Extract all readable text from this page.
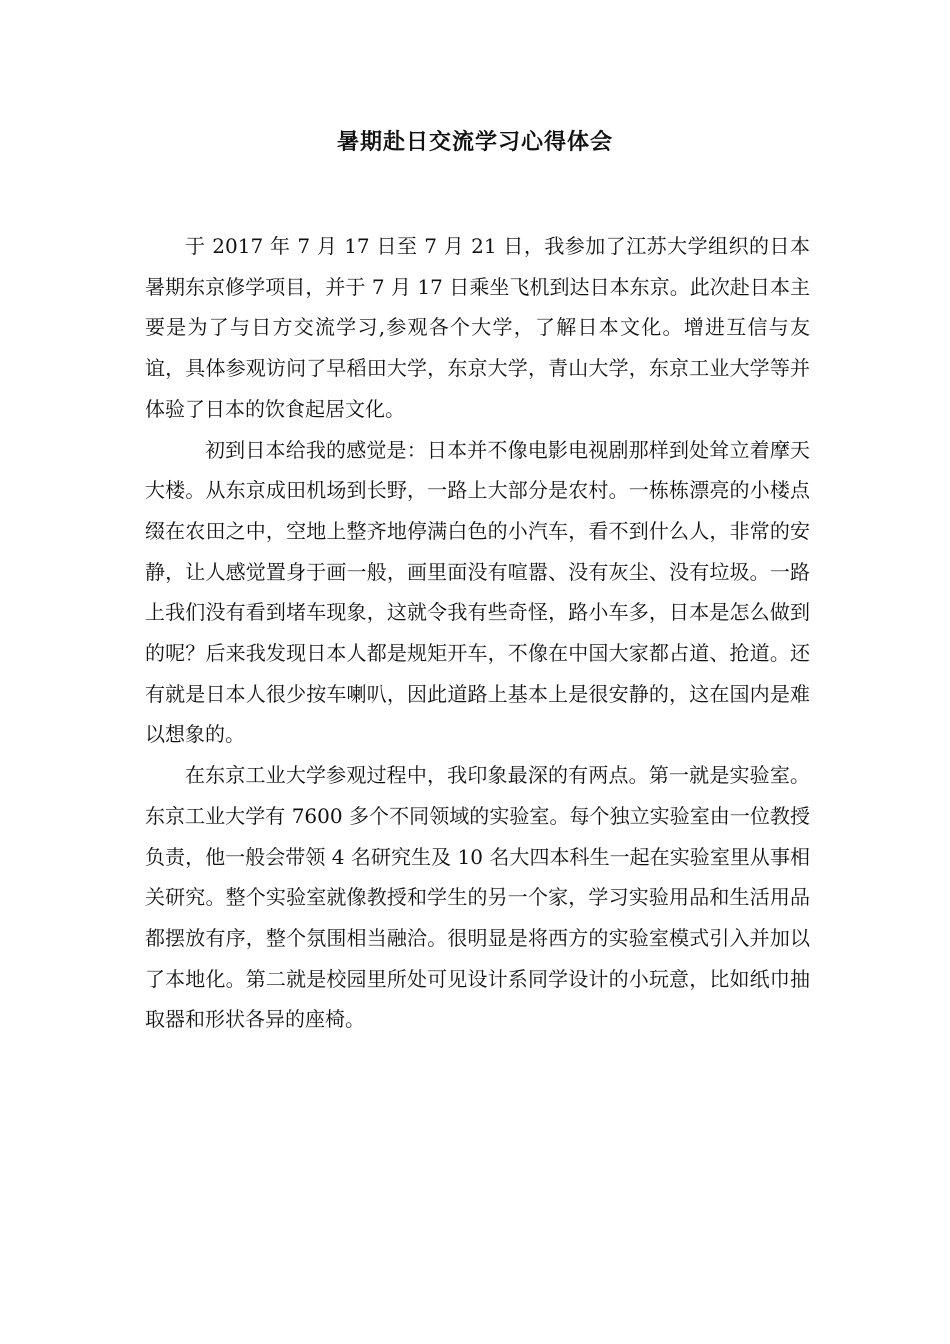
暑期赴日交流学习心得体会

于 2017 年 7 月 17 日至 7 月 21 日，我参加了江苏大学组织的日本暑期东京修学项目，并于 7 月 17 日乘坐飞机到达日本东京。此次赴日本主要是为了与日方交流学习,参观各个大学，了解日本文化。增进互信与友谊，具体参观访问了早稻田大学，东京大学，青山大学，东京工业大学等并体验了日本的饮食起居文化。

初到日本给我的感觉是：日本并不像电影电视剧那样到处耸立着摩天大楼。从东京成田机场到长野，一路上大部分是农村。一栋栋漂亮的小楼点缀在农田之中，空地上整齐地停满白色的小汽车，看不到什么人，非常的安静，让人感觉置身于画一般，画里面没有喧嚣、没有灰尘、没有垃圾。一路上我们没有看到堵车现象，这就令我有些奇怪，路小车多，日本是怎么做到的呢？后来我发现日本人都是规矩开车，不像在中国大家都占道、抢道。还有就是日本人很少按车喇叭，因此道路上基本上是很安静的，这在国内是难以想象的。

在东京工业大学参观过程中，我印象最深的有两点。第一就是实验室。东京工业大学有 7600 多个不同领域的实验室。每个独立实验室由一位教授负责，他一般会带领 4 名研究生及 10 名大四本科生一起在实验室里从事相关研究。整个实验室就像教授和学生的另一个家，学习实验用品和生活用品都摆放有序，整个氛围相当融洽。很明显是将西方的实验室模式引入并加以了本地化。第二就是校园里所处可见设计系同学设计的小玩意，比如纸巾抽取器和形状各异的座椅。
